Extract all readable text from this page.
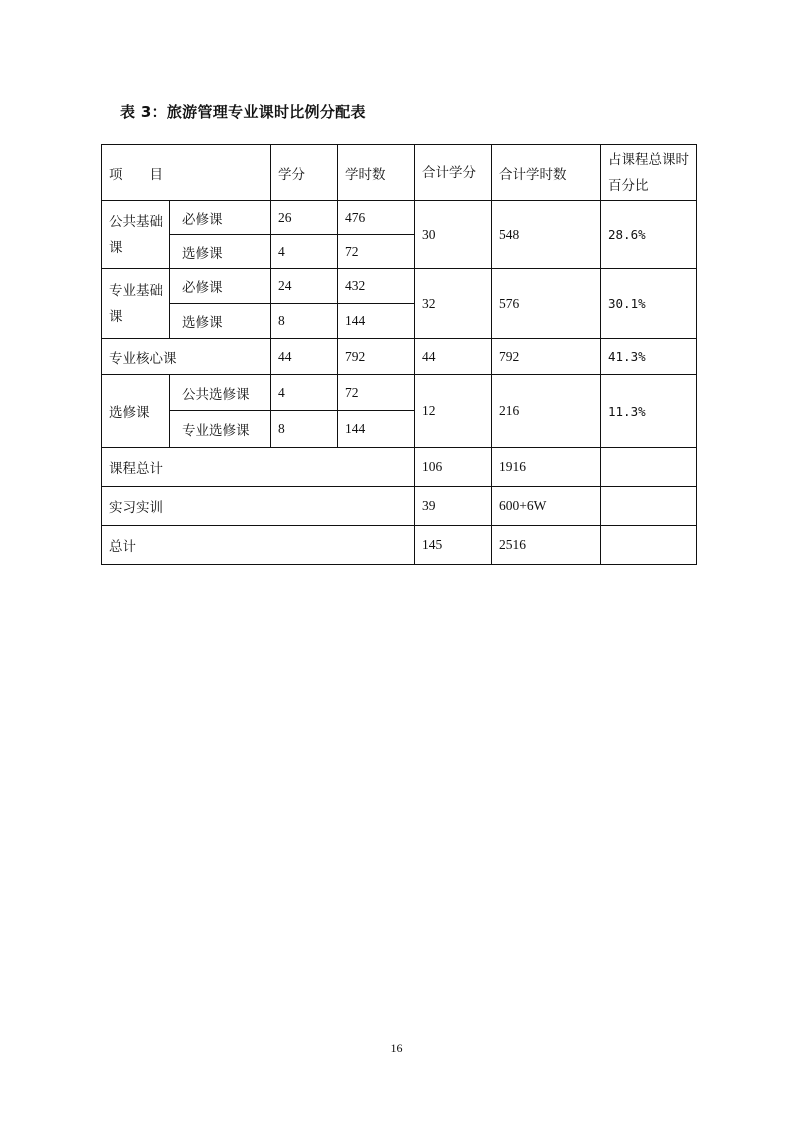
表 3：旅游管理专业课时比例分配表
项　　目		学分	学时数	合计学分	合计学时数	占课程总课时百分比
公共基础课	必修课	26	476	30	548	28.6%
	选修课	4	72			
专业基础课	必修课	24	432	32	576	30.1%
	选修课	8	144			
专业核心课		44	792	44	792	41.3%
选修课	公共选修课	4	72	12	216	11.3%
	专业选修课	8	144			
课程总计				106	1916	
实习实训				39	600+6W	
总计				145	2516	
16
